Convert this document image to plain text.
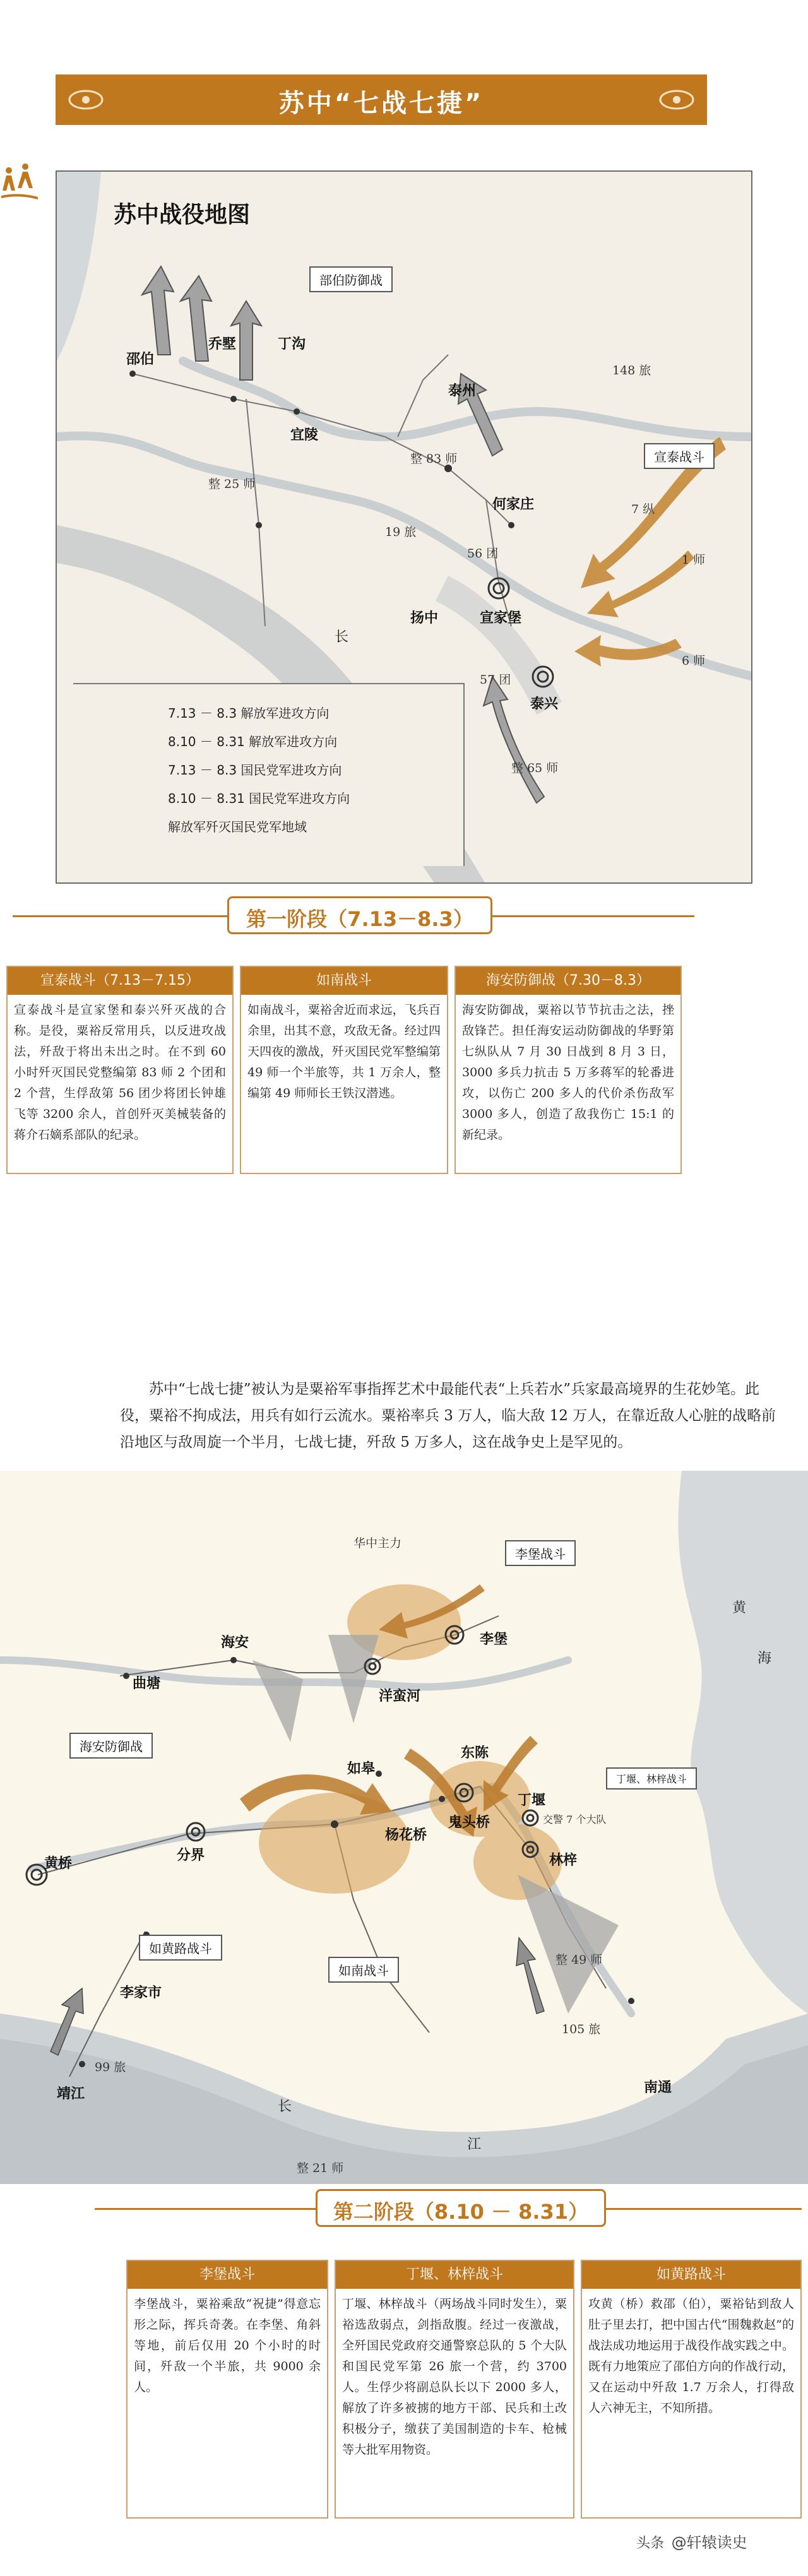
苏中“七战七捷”
苏中战役地图
部伯防御战
宣泰战斗
邵伯
乔墅	丁沟
宜陵
泰州
何家庄
宣家堡
泰兴
扬中
长
148 旅
整 83 师
整 25 师
19 旅
56 团
7 纵
1 师
57 团
6 师
整 65 师
7.13 － 8.3 解放军进攻方向
8.10 － 8.31 解放军进攻方向
7.13 － 8.3 国民党军进攻方向
8.10 － 8.31 国民党军进攻方向
解放军歼灭国民党军地域
第一阶段（7.13－8.3）
宣泰战斗（7.13－7.15）
宣泰战斗是宣家堡和泰兴歼灭战的合称。是役，粟裕反常用兵，以反进攻战法，歼敌于将出未出之时。在不到 60 小时歼灭国民党整编第 83 师 2 个团和 2 个营，生俘敌第 56 团少将团长钟雄飞等 3200 余人，首创歼灭美械装备的蒋介石嫡系部队的纪录。
如南战斗
如南战斗，粟裕舍近而求远，飞兵百余里，出其不意，攻敌无备。经过四天四夜的激战，歼灭国民党军整编第 49 师一个半旅等，共 1 万余人，整编第 49 师师长王铁汉潜逃。
海安防御战（7.30－8.3）
海安防御战，粟裕以节节抗击之法，挫敌锋芒。担任海安运动防御战的华野第七纵队从 7 月 30 日战到 8 月 3 日，3000 多兵力抗击 5 万多蒋军的轮番进攻，以伤亡 200 多人的代价杀伤敌军 3000 多人，创造了敌我伤亡 15:1 的新纪录。
苏中“七战七捷”被认为是粟裕军事指挥艺术中最能代表“上兵若水”兵家最高境界的生花妙笔。此役，粟裕不拘成法，用兵有如行云流水。粟裕率兵 3 万人，临大敌 12 万人，在靠近敌人心脏的战略前沿地区与敌周旋一个半月，七战七捷，歼敌 5 万多人，这在战争史上是罕见的。
李堡战斗
海安防御战
如黄路战斗
如南战斗
丁堰、林梓战斗
海安
曲塘
洋蛮河
李堡
如皋
东陈
丁堰
林梓
杨花桥
鬼头桥
分界
黄桥
李家市
靖江	南通
黄
海
长
江
交警 7 个大队
华中主力
整 49 师
105 旅
99 旅
整 21 师
第二阶段（8.10 － 8.31）
李堡战斗
李堡战斗，粟裕乘敌“祝捷”得意忘形之际，挥兵奇袭。在李堡、角斜等地，前后仅用 20 个小时的时间，歼敌一个半旅，共 9000 余人。
丁堰、林梓战斗
丁堰、林梓战斗（两场战斗同时发生），粟裕选敌弱点，剑指敌腹。经过一夜激战，全歼国民党政府交通警察总队的 5 个大队和国民党军第 26 旅一个营，约 3700 人。生俘少将副总队长以下 2000 多人，解放了许多被掳的地方干部、民兵和土改积极分子，缴获了美国制造的卡车、枪械等大批军用物资。
如黄路战斗
攻黄（桥）救邵（伯），粟裕钻到敌人肚子里去打，把中国古代“围魏救赵”的战法成功地运用于战役作战实践之中。既有力地策应了邵伯方向的作战行动，又在运动中歼敌 1.7 万余人，打得敌人六神无主，不知所措。
头条 @轩辕读史
